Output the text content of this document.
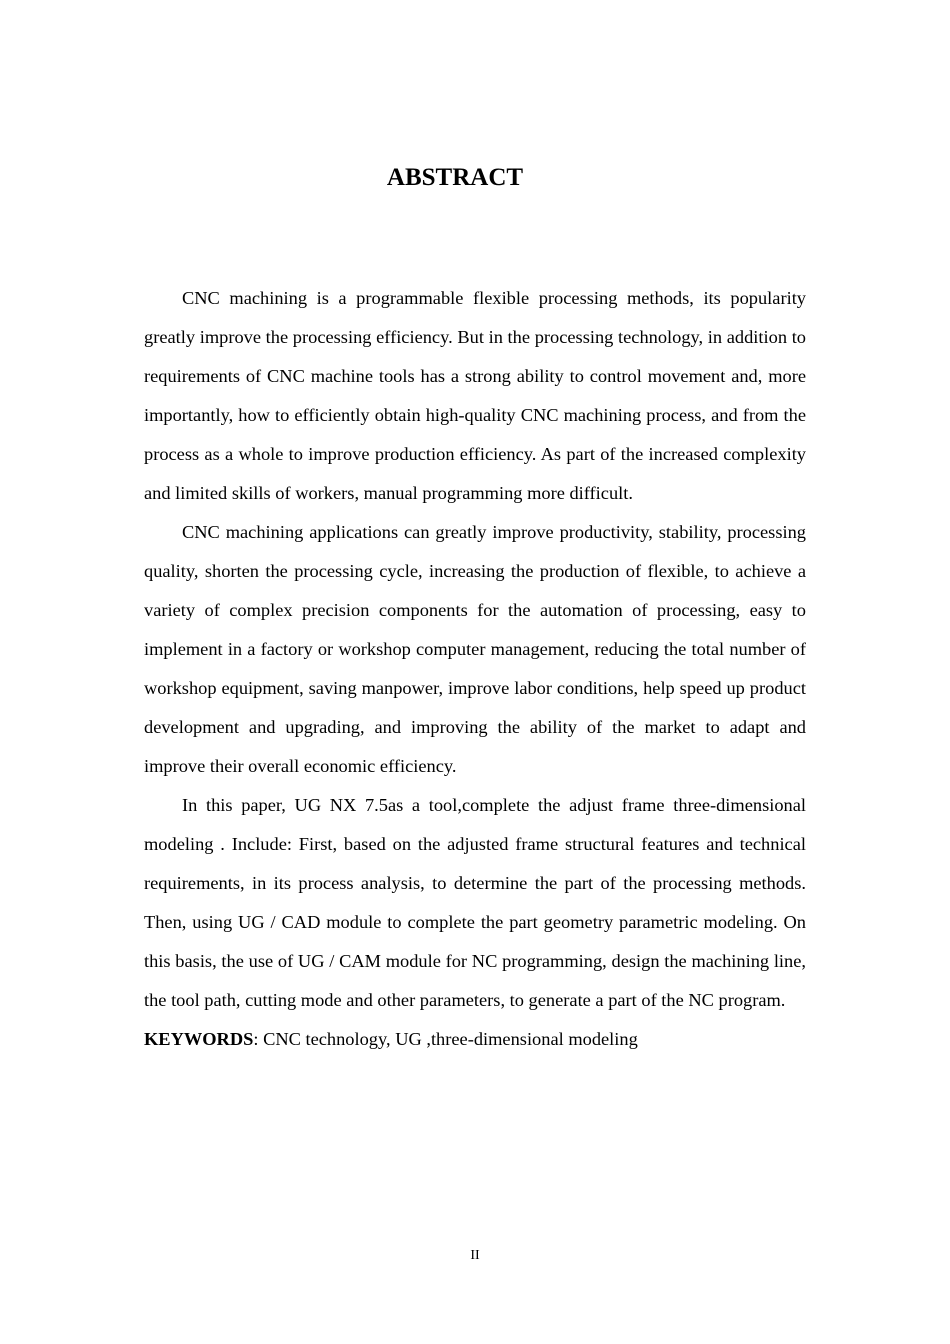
ABSTRACT

CNC machining is a programmable flexible processing methods, its popularity greatly improve the processing efficiency. But in the processing technology, in addition to requirements of CNC machine tools has a strong ability to control movement and, more importantly, how to efficiently obtain high-quality CNC machining process, and from the process as a whole to improve production efficiency. As part of the increased complexity and limited skills of workers, manual programming more difficult.

CNC machining applications can greatly improve productivity, stability, processing quality, shorten the processing cycle, increasing the production of flexible, to achieve a variety of complex precision components for the automation of processing, easy to implement in a factory or workshop computer management, reducing the total number of workshop equipment, saving manpower, improve labor conditions, help speed up product development and upgrading, and improving the ability of the market to adapt and improve their overall economic efficiency.

In this paper, UG NX 7.5as a tool,complete the adjust frame three-dimensional modeling . Include: First, based on the adjusted frame structural features and technical requirements, in its process analysis, to determine the part of the processing methods. Then, using UG / CAD module to complete the part geometry parametric modeling. On this basis, the use of UG / CAM module for NC programming, design the machining line, the tool path, cutting mode and other parameters, to generate a part of the NC program.

KEYWORDS: CNC technology, UG ,three-dimensional modeling

II
